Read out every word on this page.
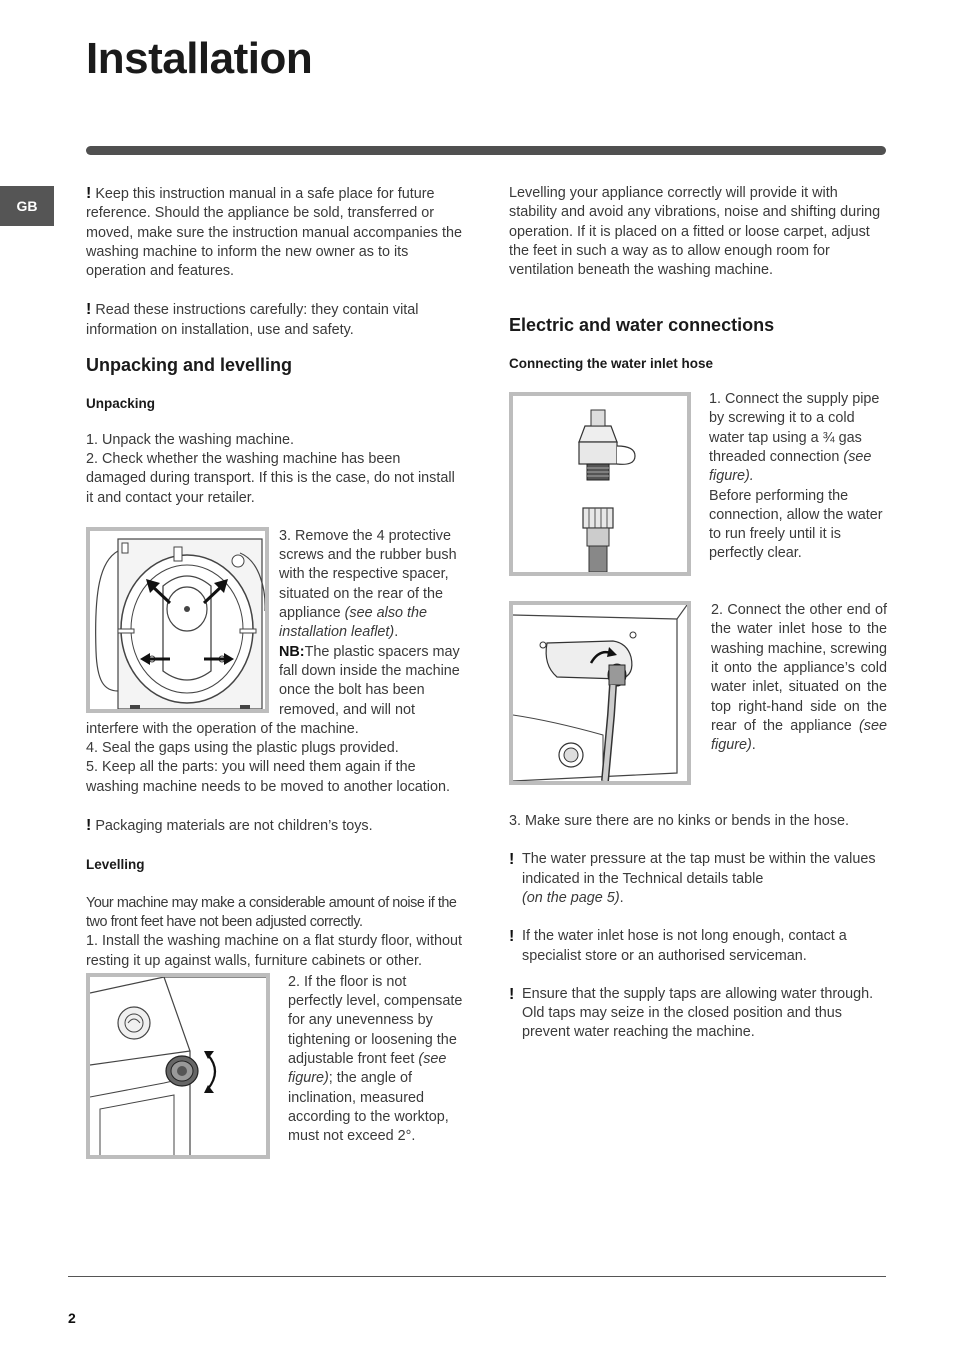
Installation
GB

! Keep this instruction manual in a safe place for future reference. Should the appliance be sold, transferred or moved, make sure the instruction manual accompanies the washing machine to inform the new owner as to its operation and features.

! Read these instructions carefully: they contain vital information on installation, use and safety.

Unpacking and levelling
Unpacking

1. Unpack the washing machine.

2. Check whether the washing machine has been damaged during transport. If this is the case, do not install it and contact your retailer.

3. Remove the 4 protective screws and the rubber bush with the respective spacer, situated on the rear of the appliance (see also the installation leaflet).

NB:The plastic spacers may fall down inside the machine once the bolt has been removed, and will not interfere with the operation of the machine.

4. Seal the gaps using the plastic plugs provided.

5. Keep all the parts: you will need them again if the washing machine needs to be moved to another location.

! Packaging materials are not children’s toys.

Levelling

Your machine may make a considerable amount of noise if the two front feet have not been adjusted correctly.

1. Install the washing machine on a flat sturdy floor, without resting it up against walls, furniture cabinets or other.

2. If the floor is not perfectly level, compensate for any unevenness by tightening or loosening the adjustable front feet (see figure); the angle of inclination, measured according to the worktop, must not exceed 2°.

Levelling your appliance correctly will provide it with stability and avoid any vibrations, noise and shifting during operation. If it is placed on a fitted or loose carpet, adjust the feet in such a way as to allow enough room for ventilation beneath the washing machine.

Electric and water connections
Connecting the water inlet hose

1. Connect the supply pipe by screwing it to a cold water tap using a ¾ gas threaded connection (see figure).

Before performing the connection, allow the water to run freely until it is perfectly clear.

2. Connect the other end of the water inlet hose to the washing machine, screwing it onto the appliance’s cold water inlet, situated on the top right-hand side on the rear of the appliance (see figure).

3. Make sure there are no kinks or bends in the hose.

! The water pressure at the tap must be within the values indicated in the Technical details table
(on the page 5).
! If the water inlet hose is not long enough, contact a specialist store or an authorised serviceman.
! Ensure that the supply taps are allowing water through. Old taps may seize in the closed position and thus prevent water reaching the machine.
2
